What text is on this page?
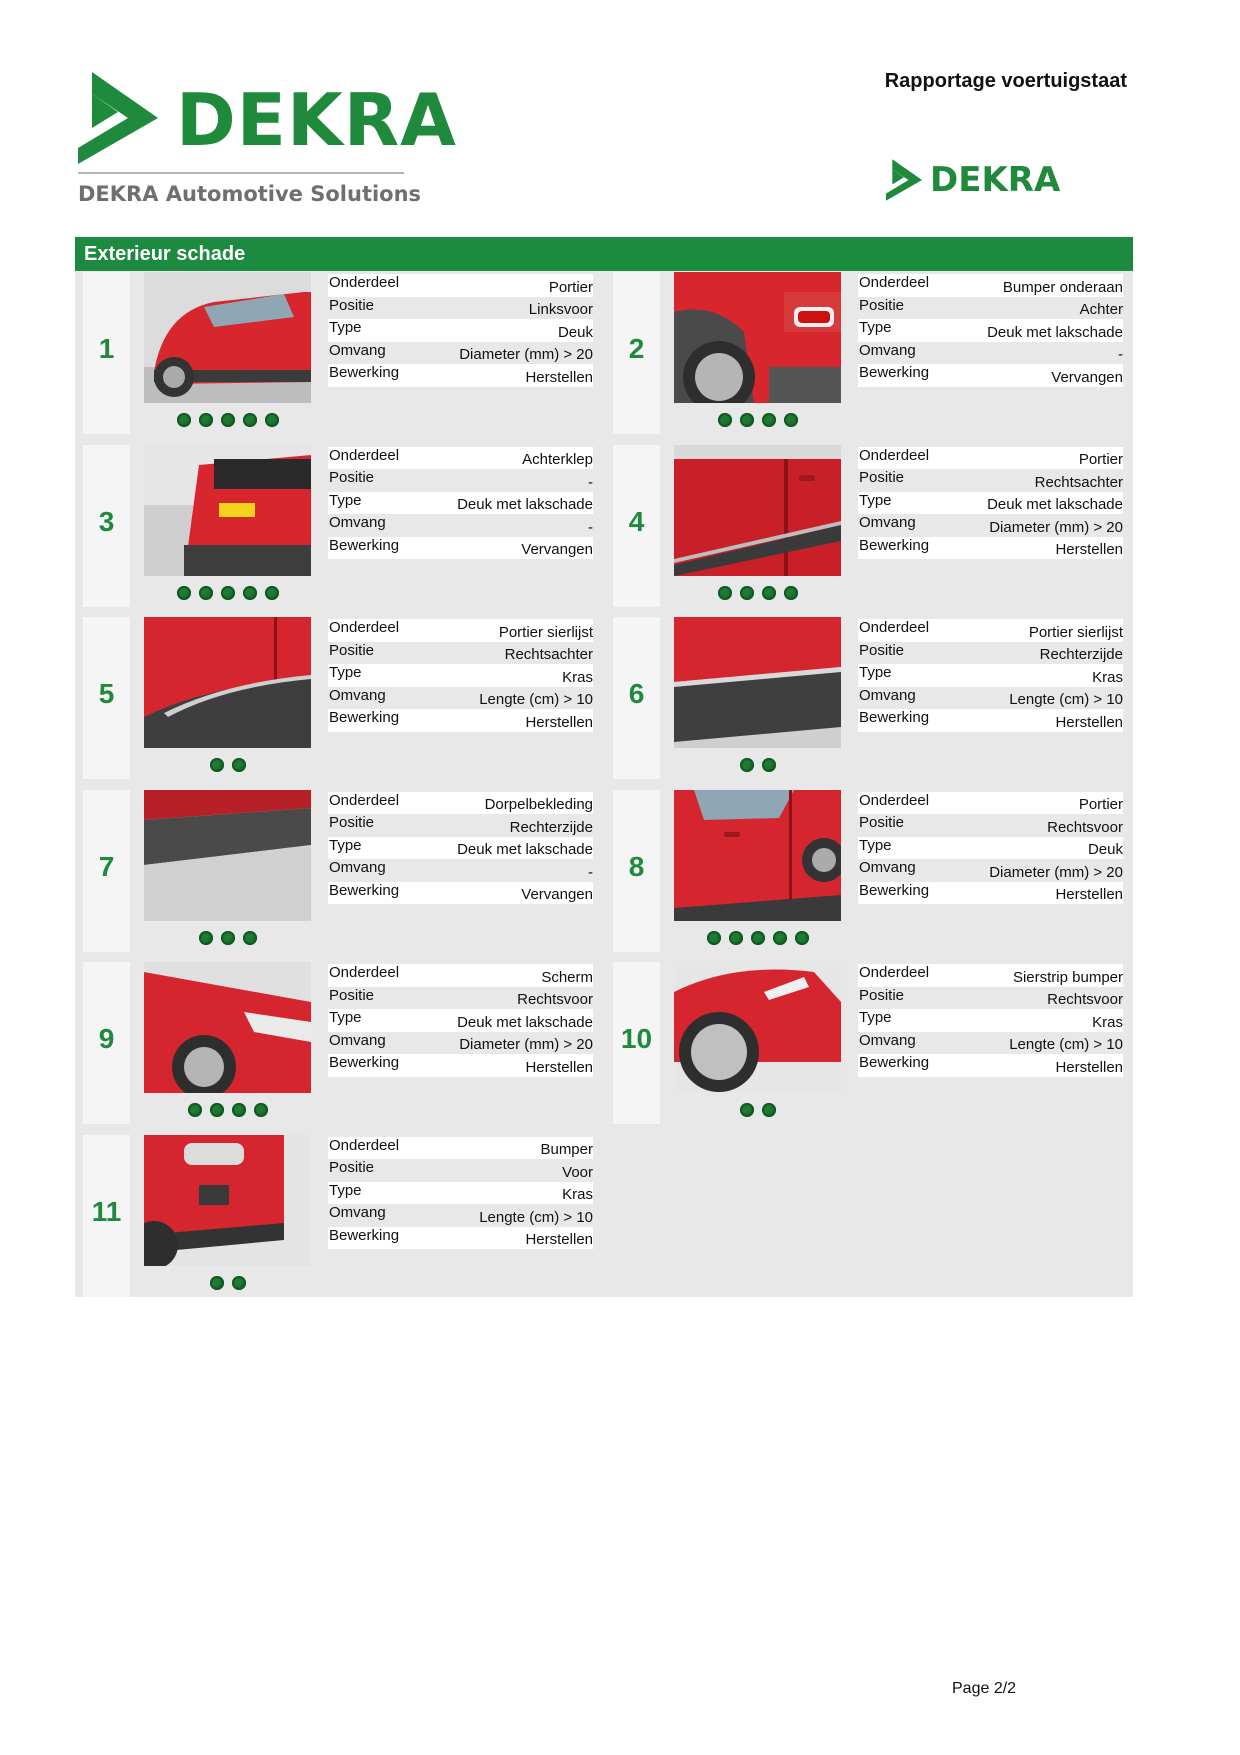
DEKRA
DEKRA Automotive Solutions
Rapportage voertuigstaat
DEKRA
Exterieur schade
1
Onderdeel	Portier
Positie	Linksvoor
Type	Deuk
Omvang	Diameter (mm) > 20
Bewerking	Herstellen
2
Onderdeel	Bumper onderaan
Positie	Achter
Type	Deuk met lakschade
Omvang	-
Bewerking	Vervangen
3
Onderdeel	Achterklep
Positie	-
Type	Deuk met lakschade
Omvang	-
Bewerking	Vervangen
4
Onderdeel	Portier
Positie	Rechtsachter
Type	Deuk met lakschade
Omvang	Diameter (mm) > 20
Bewerking	Herstellen
5
Onderdeel	Portier sierlijst
Positie	Rechtsachter
Type	Kras
Omvang	Lengte (cm) > 10
Bewerking	Herstellen
6
Onderdeel	Portier sierlijst
Positie	Rechterzijde
Type	Kras
Omvang	Lengte (cm) > 10
Bewerking	Herstellen
7
Onderdeel	Dorpelbekleding
Positie	Rechterzijde
Type	Deuk met lakschade
Omvang	-
Bewerking	Vervangen
8
Onderdeel	Portier
Positie	Rechtsvoor
Type	Deuk
Omvang	Diameter (mm) > 20
Bewerking	Herstellen
9
Onderdeel	Scherm
Positie	Rechtsvoor
Type	Deuk met lakschade
Omvang	Diameter (mm) > 20
Bewerking	Herstellen
10
Onderdeel	Sierstrip bumper
Positie	Rechtsvoor
Type	Kras
Omvang	Lengte (cm) > 10
Bewerking	Herstellen
11
Onderdeel	Bumper
Positie	Voor
Type	Kras
Omvang	Lengte (cm) > 10
Bewerking	Herstellen
Page 2/2
